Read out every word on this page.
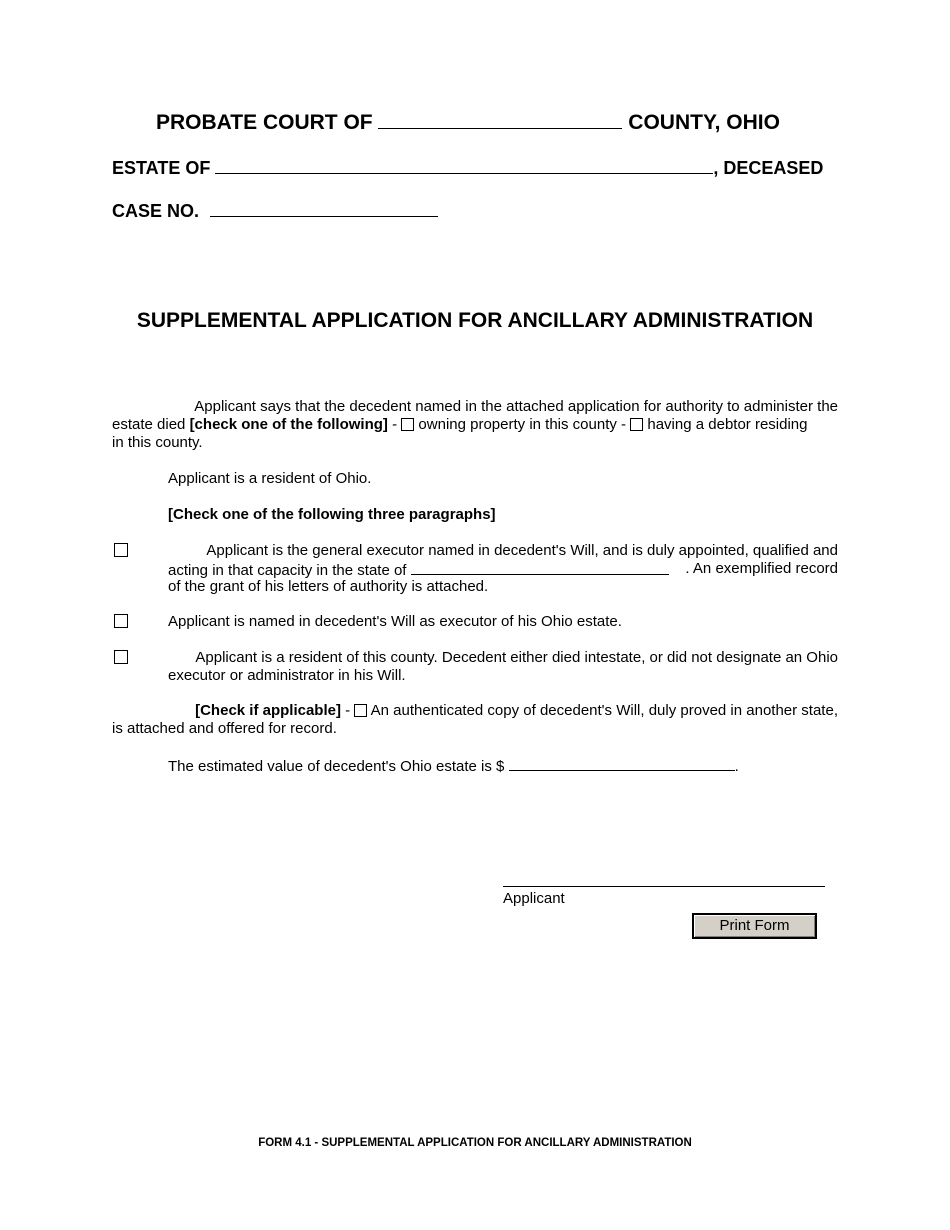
PROBATE COURT OF	COUNTY, OHIO
ESTATE OF	, DECEASED
CASE NO.
SUPPLEMENTAL APPLICATION FOR ANCILLARY ADMINISTRATION
Applicant says that the decedent named in the attached application for authority to administer the
estate died [check one of the following] - owning property in this county - having a debtor residing
in this county.
Applicant is a resident of Ohio.
[Check one of the following three paragraphs]
Applicant is the general executor named in decedent's Will, and is duly appointed, qualified and
acting in that capacity in the state of	. An exemplified record
of the grant of his letters of authority is attached.
Applicant is named in decedent's Will as executor of his Ohio estate.
Applicant is a resident of this county. Decedent either died intestate, or did not designate an Ohio
executor or administrator in his Will.
[Check if applicable] - An authenticated copy of decedent's Will, duly proved in another state,
is attached and offered for record.
The estimated value of decedent's Ohio estate is $	.
Applicant
Print Form
FORM 4.1 - SUPPLEMENTAL APPLICATION FOR ANCILLARY ADMINISTRATION
